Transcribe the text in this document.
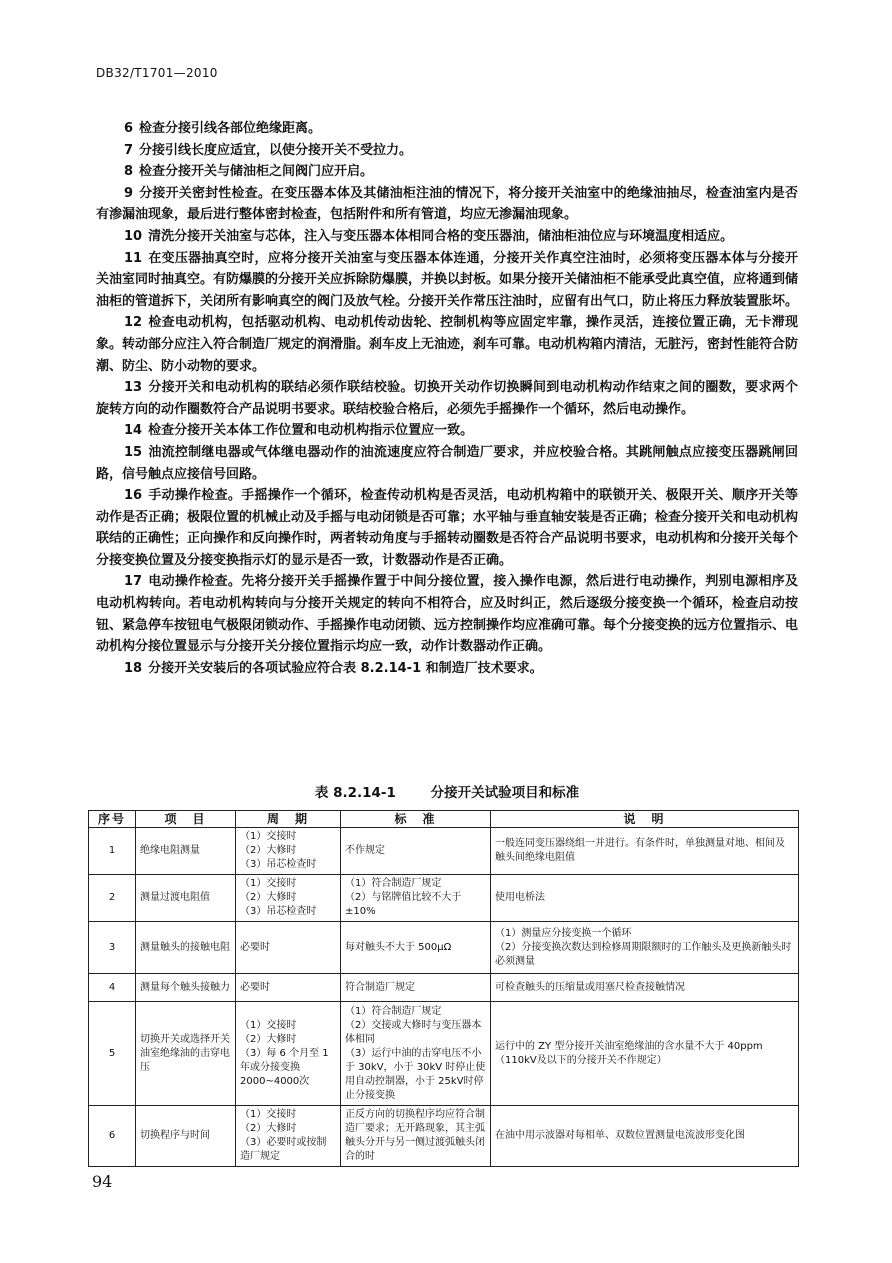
DB32/T1701—2010

6 检查分接引线各部位绝缘距离。

7 分接引线长度应适宜，以使分接开关不受拉力。

8 检查分接开关与储油柜之间阀门应开启。

9 分接开关密封性检查。在变压器本体及其储油柜注油的情况下，将分接开关油室中的绝缘油抽尽，检查油室内是否有渗漏油现象，最后进行整体密封检查，包括附件和所有管道，均应无渗漏油现象。

10 清洗分接开关油室与芯体，注入与变压器本体相同合格的变压器油，储油柜油位应与环境温度相适应。

11 在变压器抽真空时，应将分接开关油室与变压器本体连通，分接开关作真空注油时，必须将变压器本体与分接开关油室同时抽真空。有防爆膜的分接开关应拆除防爆膜，并换以封板。如果分接开关储油柜不能承受此真空值，应将通到储油柜的管道拆下，关闭所有影响真空的阀门及放气栓。分接开关作常压注油时，应留有出气口，防止将压力释放装置胀坏。

12 检查电动机构，包括驱动机构、电动机传动齿轮、控制机构等应固定牢靠，操作灵活，连接位置正确，无卡滞现象。转动部分应注入符合制造厂规定的润滑脂。刹车皮上无油迹，刹车可靠。电动机构箱内清洁，无脏污，密封性能符合防潮、防尘、防小动物的要求。

13 分接开关和电动机构的联结必须作联结校验。切换开关动作切换瞬间到电动机构动作结束之间的圈数，要求两个旋转方向的动作圈数符合产品说明书要求。联结校验合格后，必须先手摇操作一个循环，然后电动操作。

14 检查分接开关本体工作位置和电动机构指示位置应一致。

15 油流控制继电器或气体继电器动作的油流速度应符合制造厂要求，并应校验合格。其跳闸触点应接变压器跳闸回路，信号触点应接信号回路。

16 手动操作检查。手摇操作一个循环，检查传动机构是否灵活，电动机构箱中的联锁开关、极限开关、顺序开关等动作是否正确；极限位置的机械止动及手摇与电动闭锁是否可靠；水平轴与垂直轴安装是否正确；检查分接开关和电动机构联结的正确性；正向操作和反向操作时，两者转动角度与手摇转动圈数是否符合产品说明书要求，电动机构和分接开关每个分接变换位置及分接变换指示灯的显示是否一致，计数器动作是否正确。

17 电动操作检查。先将分接开关手摇操作置于中间分接位置，接入操作电源，然后进行电动操作，判别电源相序及电动机构转向。若电动机构转向与分接开关规定的转向不相符合，应及时纠正，然后逐级分接变换一个循环，检查启动按钮、紧急停车按钮电气极限闭锁动作、手摇操作电动闭锁、远方控制操作均应准确可靠。每个分接变换的远方位置指示、电动机构分接位置显示与分接开关分接位置指示均应一致，动作计数器动作正确。

18 分接开关安装后的各项试验应符合表 8.2.14-1 和制造厂技术要求。

表 8.2.14-1	分接开关试验项目和标准
序号	项　目	周　期	标　准	说　明
1	绝缘电阻测量	（1）交接时
（2）大修时
（3）吊芯检查时	不作规定	一般连同变压器绕组一并进行。有条件时，单独测量对地、相间及触头间绝缘电阻值

2	测量过渡电阻值	（1）交接时
（2）大修时
（3）吊芯检查时	（1）符合制造厂规定
（2）与铭牌值比较不大于±10%	使用电桥法

3	测量触头的接触电阻	必要时	每对触头不大于 500μΩ	（1）测量应分接变换一个循环
（2）分接变换次数达到检修周期限额时的工作触头及更换新触头时必须测量

4	测量每个触头接触力	必要时	符合制造厂规定	可检查触头的压缩量或用塞尺检查接触情况

5	切换开关或选择开关油室绝缘油的击穿电压	（1）交接时
（2）大修时
（3）每 6 个月至 1 年或分接变换 2000~4000次	（1）符合制造厂规定
（2）交接或大修时与变压器本体相同
（3）运行中油的击穿电压不小于 30kV，小于 30kV 时停止使用自动控制器，小于 25kV时停止分接变换	运行中的 ZY 型分接开关油室绝缘油的含水量不大于 40ppm（110kV及以下的分接开关不作规定）

6	切换程序与时间	（1）交接时
（2）大修时
（3）必要时或按制造厂规定	正反方向的切换程序均应符合制造厂要求；无开路现象，其主弧触头分开与另一侧过渡弧触头闭合的时	在油中用示波器对每相单、双数位置测量电流波形变化图
94
